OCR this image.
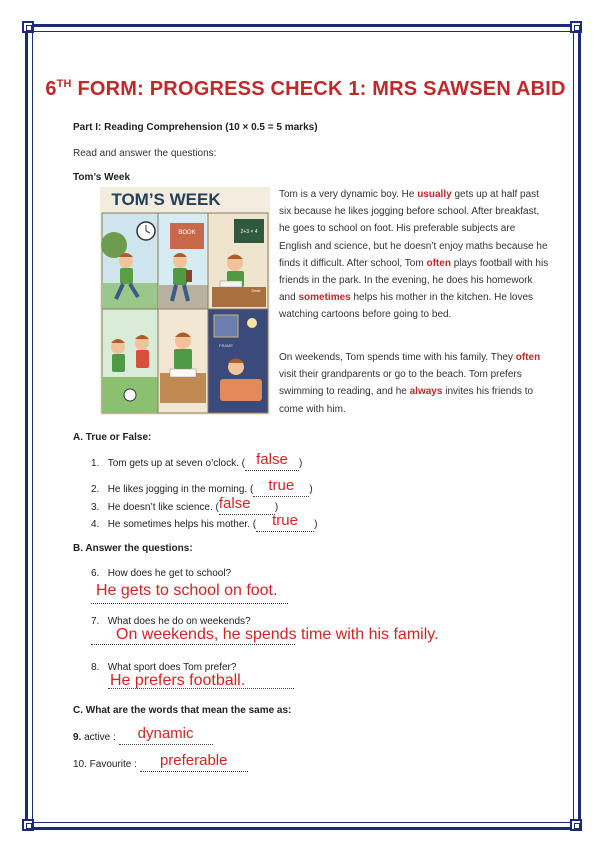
6TH FORM: PROGRESS CHECK 1: MRS SAWSEN ABID
Part I: Reading Comprehension (10 × 0.5 = 5 marks)
Read and answer the questions:
Tom’s Week
TOM’S WEEK
BOOK	2+3 × 4
Desk
FRAME
Tom is a very dynamic boy. He usually gets up at half past six because he likes jogging before school. After breakfast, he goes to school on foot. His preferable subjects are English and science, but he doesn’t enjoy maths because he finds it difficult. After school, Tom often plays football with his friends in the park. In the evening, he does his homework and sometimes helps his mother in the kitchen. He loves watching cartoons before going to bed.
On weekends, Tom spends time with his family. They often visit their grandparents or go to the beach. Tom prefers swimming to reading, and he always invites his friends to come with him.
A. True or False:
1. Tom gets up at seven o’clock. ( false )
2. He likes jogging in the morning. ( true )
3. He doesn’t like science. (false )
4. He sometimes helps his mother. ( true )
B. Answer the questions:
6. How does he get to school?
He gets to school on foot.
7. What does he do on weekends?
On weekends, he spends time with his family.
8. What sport does Tom prefer?
He prefers football.
C. What are the words that mean the same as:
9. active : dynamic
10. Favourite : preferable
